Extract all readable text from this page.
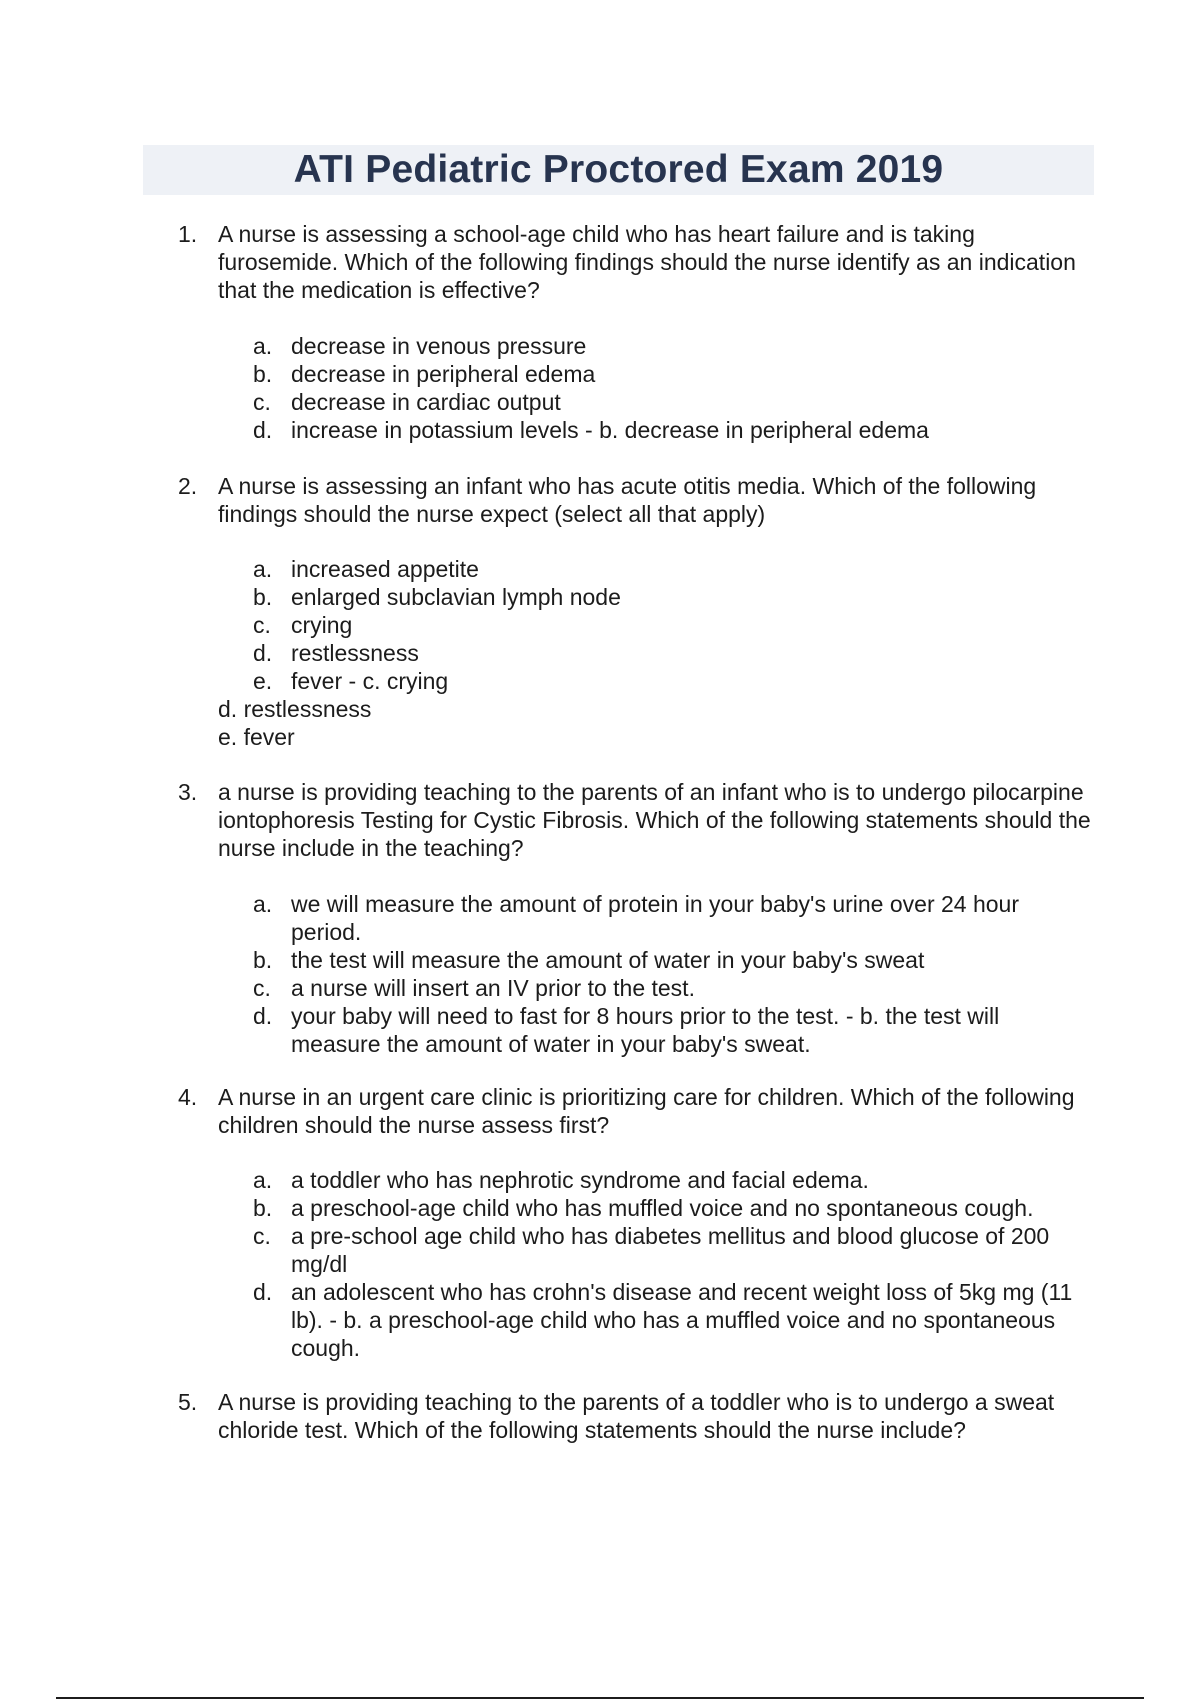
ATI Pediatric Proctored Exam 2019
1. A nurse is assessing a school-age child who has heart failure and is taking furosemide. Which of the following findings should the nurse identify as an indication that the medication is effective?
a. decrease in venous pressure
b. decrease in peripheral edema
c. decrease in cardiac output
d. increase in potassium levels - b. decrease in peripheral edema
2. A nurse is assessing an infant who has acute otitis media. Which of the following findings should the nurse expect (select all that apply)
a. increased appetite
b. enlarged subclavian lymph node
c. crying
d. restlessness
e. fever - c. crying
d. restlessness
e. fever
3. a nurse is providing teaching to the parents of an infant who is to undergo pilocarpine iontophoresis Testing for Cystic Fibrosis. Which of the following statements should the nurse include in the teaching?
a. we will measure the amount of protein in your baby's urine over 24 hour period.
b. the test will measure the amount of water in your baby's sweat
c. a nurse will insert an IV prior to the test.
d. your baby will need to fast for 8 hours prior to the test. - b. the test will measure the amount of water in your baby's sweat.
4. A nurse in an urgent care clinic is prioritizing care for children. Which of the following children should the nurse assess first?
a. a toddler who has nephrotic syndrome and facial edema.
b. a preschool-age child who has muffled voice and no spontaneous cough.
c. a pre-school age child who has diabetes mellitus and blood glucose of 200 mg/dl
d. an adolescent who has crohn's disease and recent weight loss of 5kg mg (11 lb). - b. a preschool-age child who has a muffled voice and no spontaneous cough.
5. A nurse is providing teaching to the parents of a toddler who is to undergo a sweat chloride test. Which of the following statements should the nurse include?
